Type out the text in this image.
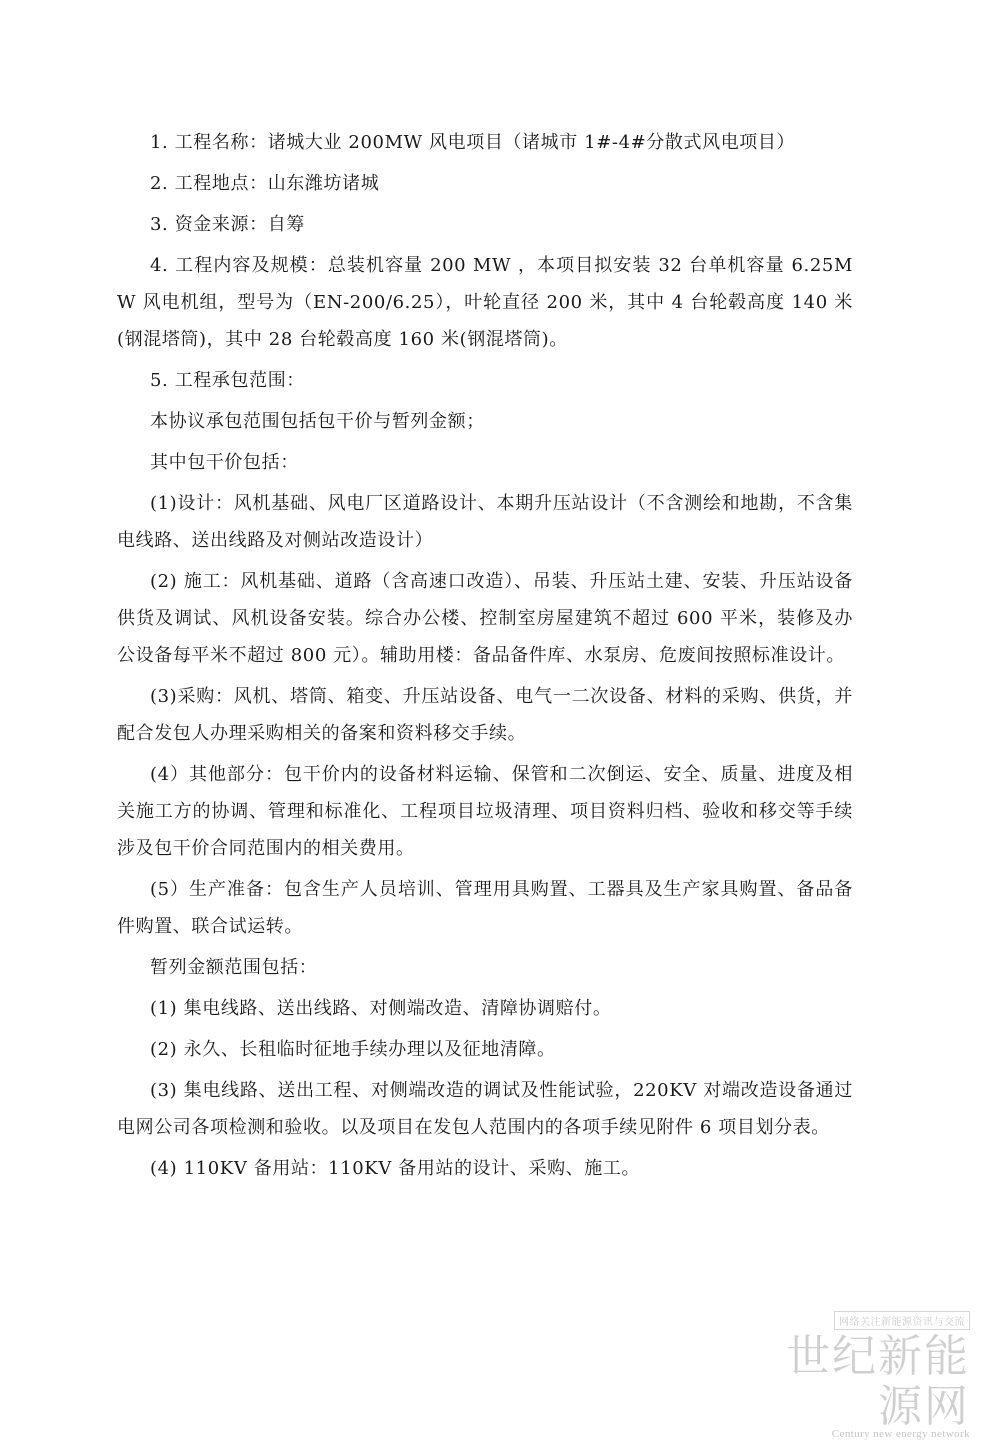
1. 工程名称：诸城大业 200MW 风电项目（诸城市 1#-4#分散式风电项目）

2. 工程地点：山东潍坊诸城

3. 资金来源：自筹

4. 工程内容及规模：总装机容量 200 MW ，本项目拟安装 32 台单机容量 6.25MW 风电机组，型号为（EN-200/6.25），叶轮直径 200 米，其中 4 台轮毂高度 140 米(钢混塔筒)，其中 28 台轮毂高度 160 米(钢混塔筒)。

5. 工程承包范围：

本协议承包范围包括包干价与暂列金额；

其中包干价包括：

(1)设计：风机基础、风电厂区道路设计、本期升压站设计（不含测绘和地勘，不含集电线路、送出线路及对侧站改造设计）

(2) 施工：风机基础、道路（含高速口改造）、吊装、升压站土建、安装、升压站设备供货及调试、风机设备安装。综合办公楼、控制室房屋建筑不超过 600 平米，装修及办公设备每平米不超过 800 元）。辅助用楼：备品备件库、水泵房、危废间按照标准设计。

(3)采购：风机、塔筒、箱变、升压站设备、电气一二次设备、材料的采购、供货，并配合发包人办理采购相关的备案和资料移交手续。

(4）其他部分：包干价内的设备材料运输、保管和二次倒运、安全、质量、进度及相关施工方的协调、管理和标准化、工程项目垃圾清理、项目资料归档、验收和移交等手续涉及包干价合同范围内的相关费用。

(5）生产准备：包含生产人员培训、管理用具购置、工器具及生产家具购置、备品备件购置、联合试运转。

暂列金额范围包括：

(1) 集电线路、送出线路、对侧端改造、清障协调赔付。

(2) 永久、长租临时征地手续办理以及征地清障。

(3) 集电线路、送出工程、对侧端改造的调试及性能试验，220KV 对端改造设备通过电网公司各项检测和验收。以及项目在发包人范围内的各项手续见附件 6 项目划分表。

(4) 110KV 备用站：110KV 备用站的设计、采购、施工。

网络关注新能源资讯与交流
世纪新能源网
Century new energy network
